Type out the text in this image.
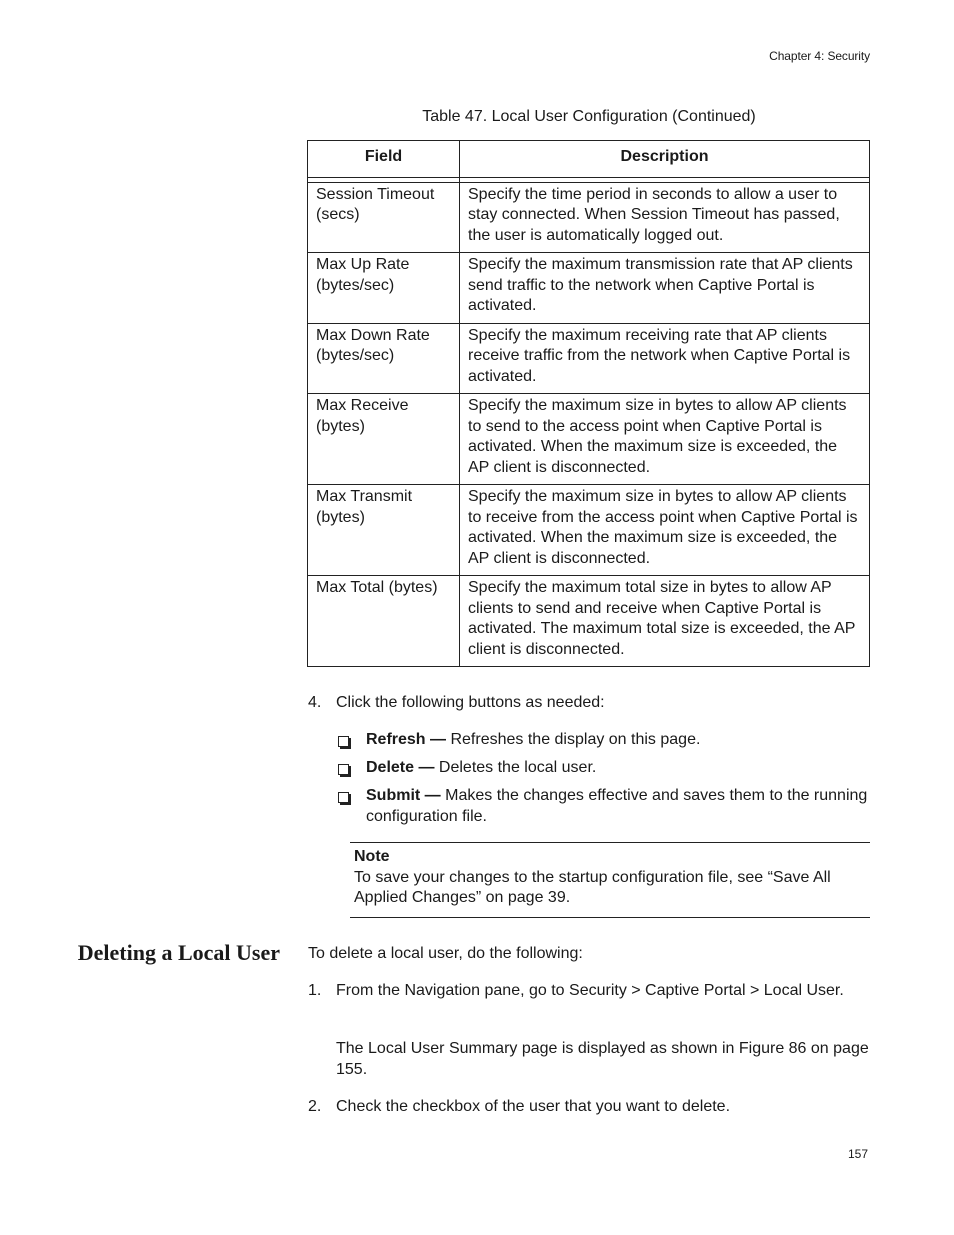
Chapter 4: Security
Table 47. Local User Configuration (Continued)
Field	Description

Session Timeout (secs)	Specify the time period in seconds to allow a user to stay connected. When Session Timeout has passed, the user is automatically logged out.
Max Up Rate (bytes/sec)	Specify the maximum transmission rate that AP clients send traffic to the network when Captive Portal is activated.
Max Down Rate (bytes/sec)	Specify the maximum receiving rate that AP clients receive traffic from the network when Captive Portal is activated.
Max Receive (bytes)	Specify the maximum size in bytes to allow AP clients to send to the access point when Captive Portal is activated. When the maximum size is exceeded, the AP client is disconnected.
Max Transmit (bytes)	Specify the maximum size in bytes to allow AP clients to receive from the access point when Captive Portal is activated. When the maximum size is exceeded, the AP client is disconnected.
Max Total (bytes)	Specify the maximum total size in bytes to allow AP clients to send and receive when Captive Portal is activated. The maximum total size is exceeded, the AP client is disconnected.
4. Click the following buttons as needed:
Refresh — Refreshes the display on this page.
Delete — Deletes the local user.
Submit — Makes the changes effective and saves them to the running configuration file.
Note
To save your changes to the startup configuration file, see “Save All Applied Changes” on page 39.
Deleting a Local User To delete a local user, do the following:
1. From the Navigation pane, go to Security > Captive Portal > Local User.
The Local User Summary page is displayed as shown in Figure 86 on page 155.
2. Check the checkbox of the user that you want to delete.
157
